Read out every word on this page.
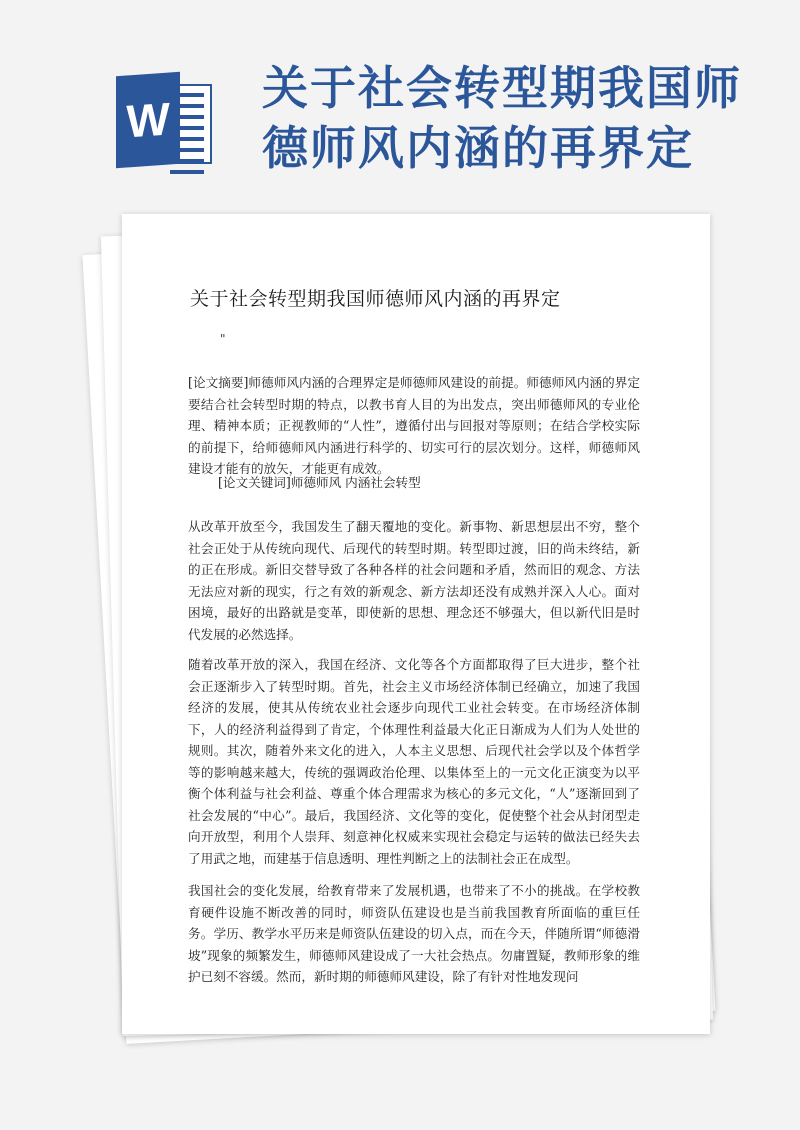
W
关于社会转型期我国师德师风内涵的再界定
关于社会转型期我国师德师风内涵的再界定
"

[论文摘要]师德师风内涵的合理界定是师德师风建设的前提。师德师风内涵的界定要结合社会转型时期的特点，以教书育人目的为出发点，突出师德师风的专业伦理、精神本质；正视教师的“人性”，遵循付出与回报对等原则；在结合学校实际的前提下，给师德师风内涵进行科学的、切实可行的层次划分。这样，师德师风建设才能有的放矢，才能更有成效。

[论文关键词]师德师风 内涵社会转型

从改革开放至今，我国发生了翻天覆地的变化。新事物、新思想层出不穷，整个社会正处于从传统向现代、后现代的转型时期。转型即过渡，旧的尚未终结，新的正在形成。新旧交替导致了各种各样的社会问题和矛盾，然而旧的观念、方法无法应对新的现实，行之有效的新观念、新方法却还没有成熟并深入人心。面对困境，最好的出路就是变革，即使新的思想、理念还不够强大，但以新代旧是时代发展的必然选择。

随着改革开放的深入，我国在经济、文化等各个方面都取得了巨大进步，整个社会正逐渐步入了转型时期。首先，社会主义市场经济体制已经确立，加速了我国经济的发展，使其从传统农业社会逐步向现代工业社会转变。在市场经济体制下，人的经济利益得到了肯定，个体理性利益最大化正日渐成为人们为人处世的规则。其次，随着外来文化的进入，人本主义思想、后现代社会学以及个体哲学等的影响越来越大，传统的强调政治伦理、以集体至上的一元文化正演变为以平衡个体利益与社会利益、尊重个体合理需求为核心的多元文化，“人”逐渐回到了社会发展的“中心”。最后，我国经济、文化等的变化，促使整个社会从封闭型走向开放型，利用个人崇拜、刻意神化权威来实现社会稳定与运转的做法已经失去了用武之地，而建基于信息透明、理性判断之上的法制社会正在成型。

我国社会的变化发展，给教育带来了发展机遇，也带来了不小的挑战。在学校教育硬件设施不断改善的同时，师资队伍建设也是当前我国教育所面临的重巨任务。学历、教学水平历来是师资队伍建设的切入点，而在今天，伴随所谓“师德滑坡”现象的频繁发生，师德师风建设成了一大社会热点。勿庸置疑，教师形象的维护已刻不容缓。然而，新时期的师德师风建设，除了有针对性地发现问
